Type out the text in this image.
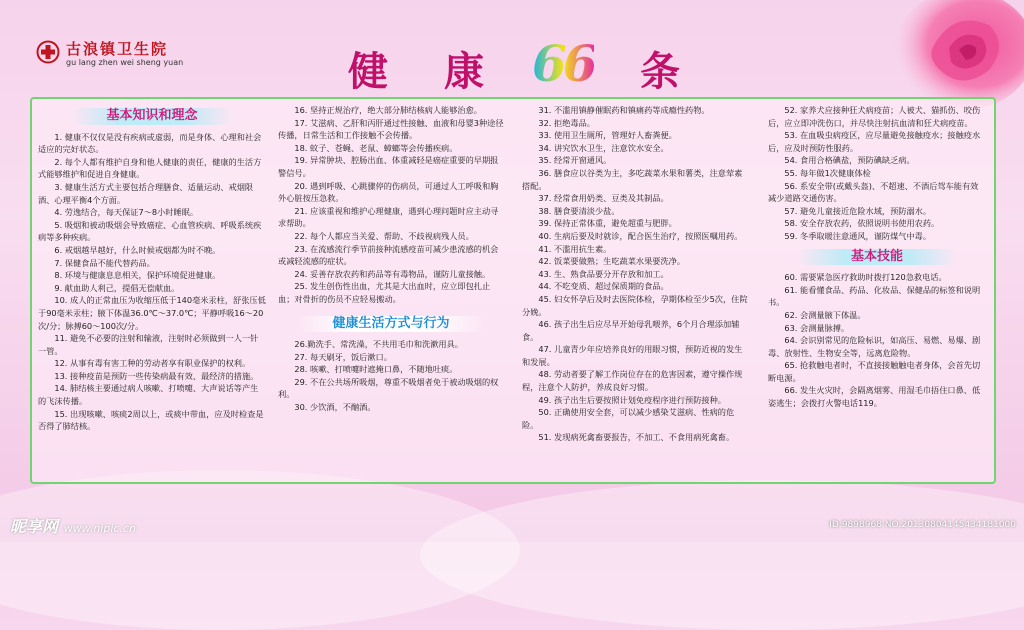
古浪镇卫生院
gu lang zhen wei sheng yuan	健 康 66 条
基本知识和理念

1. 健康不仅仅是没有疾病或虚弱，而是身体、心理和社会适应的完好状态。

2. 每个人都有维护自身和他人健康的责任，健康的生活方式能够维护和促进自身健康。

3. 健康生活方式主要包括合理膳食、适量运动、戒烟限酒、心理平衡4个方面。

4. 劳逸结合，每天保证7～8小时睡眠。

5. 吸烟和被动吸烟会导致癌症、心血管疾病、呼吸系统疾病等多种疾病。

6. 戒烟越早越好，什么时候戒烟都为时不晚。

7. 保健食品不能代替药品。

8. 环境与健康息息相关，保护环境促进健康。

9. 献血助人利己，提倡无偿献血。

10. 成人的正常血压为收缩压低于140毫米汞柱，舒张压低于90毫米汞柱；腋下体温36.0℃～37.0℃；平静呼吸16～20次/分；脉搏60～100次/分。

11. 避免不必要的注射和输液，注射时必须做到一人一针一管。

12. 从事有毒有害工种的劳动者享有职业保护的权利。

13. 接种疫苗是预防一些传染病最有效、最经济的措施。

14. 肺结核主要通过病人咳嗽、打喷嚏、大声说话等产生的飞沫传播。

15. 出现咳嗽、咳痰2周以上，或痰中带血，应及时检查是否得了肺结核。

16. 坚持正规治疗，绝大部分肺结核病人能够治愈。

17. 艾滋病、乙肝和丙肝通过性接触、血液和母婴3种途径传播，日常生活和工作接触不会传播。

18. 蚊子、苍蝇、老鼠、蟑螂等会传播疾病。

19. 异常肿块、腔肠出血、体重减轻是癌症重要的早期报警信号。

20. 遇到呼吸、心跳骤停的伤病员，可通过人工呼吸和胸外心脏按压急救。

21. 应该重视和维护心理健康，遇到心理问题时应主动寻求帮助。

22. 每个人都应当关爱、帮助、不歧视病残人员。

23. 在流感流行季节前接种流感疫苗可减少患流感的机会或减轻流感的症状。

24. 妥善存放农药和药品等有毒物品，谨防儿童接触。

25. 发生创伤性出血，尤其是大出血时，应立即包扎止血；对骨折的伤员不应轻易搬动。

健康生活方式与行为

26.勤洗手、常洗澡，不共用毛巾和洗漱用具。

27. 每天刷牙，饭后漱口。

28. 咳嗽、打喷嚏时遮掩口鼻，不随地吐痰。

29. 不在公共场所吸烟，尊重不吸烟者免于被动吸烟的权利。

30. 少饮酒，不酗酒。

31. 不滥用镇静催眠药和镇痛药等成瘾性药物。

32. 拒绝毒品。

33. 使用卫生厕所，管理好人畜粪便。

34. 讲究饮水卫生，注意饮水安全。

35. 经常开窗通风。

36. 膳食应以谷类为主，多吃蔬菜水果和薯类，注意荤素搭配。

37. 经常食用奶类、豆类及其制品。

38. 膳食要清淡少盐。

39. 保持正常体重，避免超重与肥胖。

40. 生病后要及时就诊，配合医生治疗，按照医嘱用药。

41. 不滥用抗生素。

42. 饭菜要做熟；生吃蔬菜水果要洗净。

43. 生、熟食品要分开存放和加工。

44. 不吃变质、超过保质期的食品。

45. 妇女怀孕后及时去医院体检，孕期体检至少5次，住院分娩。

46. 孩子出生后应尽早开始母乳喂养，6个月合理添加辅食。

47. 儿童青少年应培养良好的用眼习惯，预防近视的发生和发展。

48. 劳动者要了解工作岗位存在的危害因素，遵守操作规程，注意个人防护，养成良好习惯。

49. 孩子出生后要按照计划免疫程序进行预防接种。

50. 正确使用安全套，可以减少感染艾滋病、性病的危险。

51. 发现病死禽畜要报告，不加工、不食用病死禽畜。

52. 家养犬应接种狂犬病疫苗；人被犬、猫抓伤、咬伤后，应立即冲洗伤口，并尽快注射抗血清和狂犬病疫苗。

53. 在血吸虫病疫区，应尽量避免接触疫水；接触疫水后，应及时预防性服药。

54. 食用合格碘盐，预防碘缺乏病。

55. 每年做1次健康体检

56. 系安全带(或戴头盔)、不超速、不酒后驾车能有效减少道路交通伤害。

57. 避免儿童接近危险水域，预防溺水。

58. 安全存放农药，依照说明书使用农药。

59. 冬季取暖注意通风，谨防煤气中毒。

基本技能

60. 需要紧急医疗救助时拨打120急救电话。

61. 能看懂食品、药品、化妆品、保健品的标签和说明书。

62. 会测量腋下体温。

63. 会测量脉搏。

64. 会识别常见的危险标识，如高压、易燃、易爆、剧毒、放射性、生物安全等，远离危险物。

65. 抢救触电者时，不直接接触触电者身体，会首先切断电源。

66. 发生火灾时，会隔离烟雾、用湿毛巾捂住口鼻、低姿逃生；会拨打火警电话119。

昵享网 www.nipic.cn	ID:9898968 NO:20130804145434181000
